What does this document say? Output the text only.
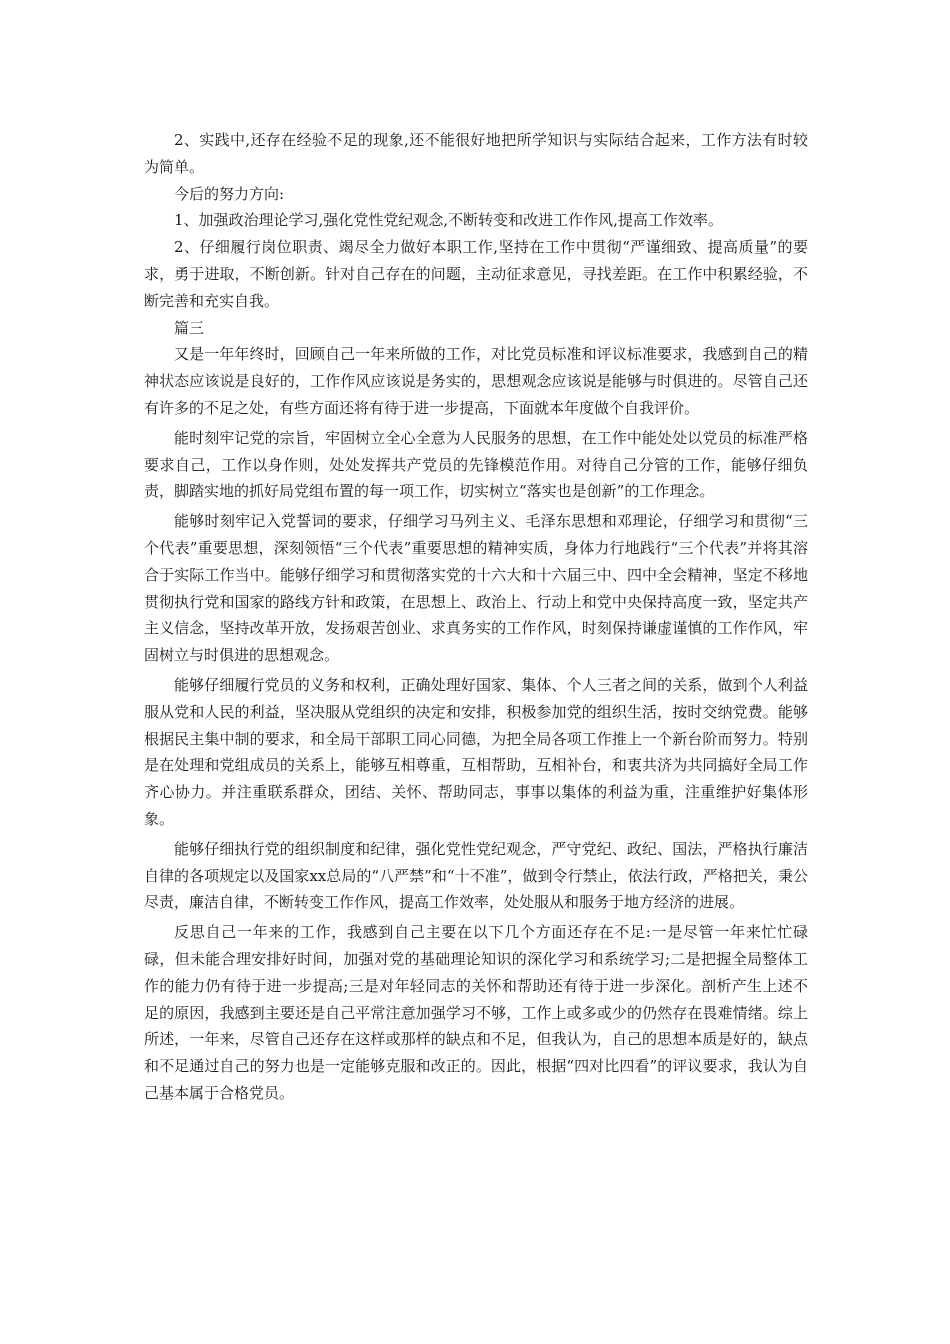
2、实践中,还存在经验不足的现象,还不能很好地把所学知识与实际结合起来，工作方法有时较为简单。

今后的努力方向:

1、加强政治理论学习,强化党性党纪观念,不断转变和改进工作作风,提高工作效率。

2、仔细履行岗位职责、竭尽全力做好本职工作,坚持在工作中贯彻“严谨细致、提高质量”的要求，勇于进取，不断创新。针对自己存在的问题，主动征求意见，寻找差距。在工作中积累经验，不断完善和充实自我。

篇三

又是一年年终时，回顾自己一年来所做的工作，对比党员标准和评议标准要求，我感到自己的精神状态应该说是良好的，工作作风应该说是务实的，思想观念应该说是能够与时俱进的。尽管自己还有许多的不足之处，有些方面还将有待于进一步提高，下面就本年度做个自我评价。

能时刻牢记党的宗旨，牢固树立全心全意为人民服务的思想，在工作中能处处以党员的标准严格要求自己，工作以身作则，处处发挥共产党员的先锋模范作用。对待自己分管的工作，能够仔细负责，脚踏实地的抓好局党组布置的每一项工作，切实树立“落实也是创新”的工作理念。

能够时刻牢记入党誓词的要求，仔细学习马列主义、毛泽东思想和邓理论，仔细学习和贯彻“三个代表”重要思想，深刻领悟“三个代表”重要思想的精神实质，身体力行地践行“三个代表”并将其溶合于实际工作当中。能够仔细学习和贯彻落实党的十六大和十六届三中、四中全会精神，坚定不移地贯彻执行党和国家的路线方针和政策，在思想上、政治上、行动上和党中央保持高度一致，坚定共产主义信念，坚持改革开放，发扬艰苦创业、求真务实的工作作风，时刻保持谦虚谨慎的工作作风，牢固树立与时俱进的思想观念。

能够仔细履行党员的义务和权利，正确处理好国家、集体、个人三者之间的关系，做到个人利益服从党和人民的利益，坚决服从党组织的决定和安排，积极参加党的组织生活，按时交纳党费。能够根据民主集中制的要求，和全局干部职工同心同德，为把全局各项工作推上一个新台阶而努力。特别是在处理和党组成员的关系上，能够互相尊重，互相帮助，互相补台，和衷共济为共同搞好全局工作齐心协力。并注重联系群众，团结、关怀、帮助同志，事事以集体的利益为重，注重维护好集体形象。

能够仔细执行党的组织制度和纪律，强化党性党纪观念，严守党纪、政纪、国法，严格执行廉洁自律的各项规定以及国家xx总局的“八严禁”和“十不准”，做到令行禁止，依法行政，严格把关，秉公尽责，廉洁自律，不断转变工作作风，提高工作效率，处处服从和服务于地方经济的进展。

反思自己一年来的工作，我感到自己主要在以下几个方面还存在不足:一是尽管一年来忙忙碌碌，但未能合理安排好时间，加强对党的基础理论知识的深化学习和系统学习;二是把握全局整体工作的能力仍有待于进一步提高;三是对年轻同志的关怀和帮助还有待于进一步深化。剖析产生上述不足的原因，我感到主要还是自己平常注意加强学习不够，工作上或多或少的仍然存在畏难情绪。综上所述，一年来，尽管自己还存在这样或那样的缺点和不足，但我认为，自己的思想本质是好的，缺点和不足通过自己的努力也是一定能够克服和改正的。因此，根据“四对比四看”的评议要求，我认为自己基本属于合格党员。
